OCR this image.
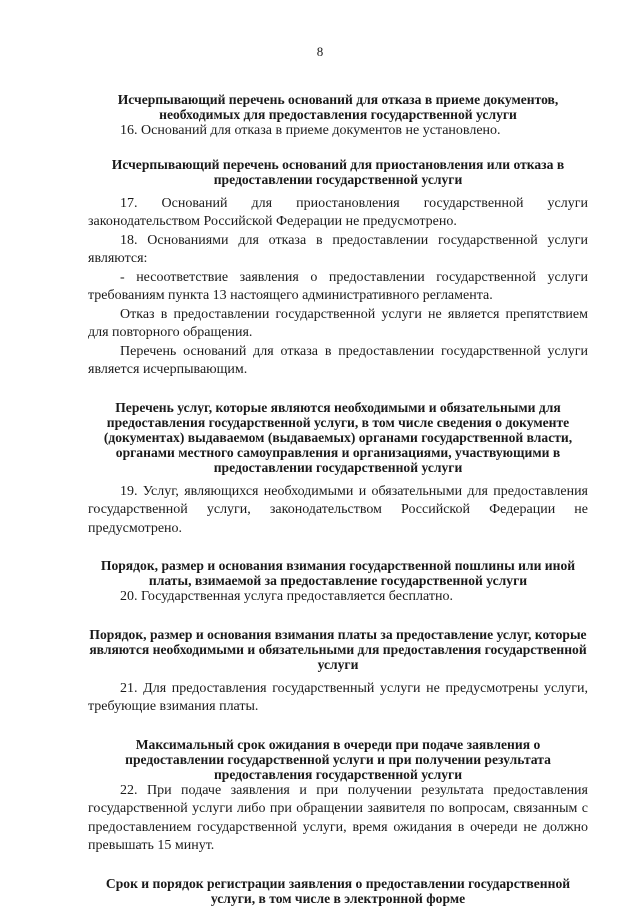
8
Исчерпывающий перечень оснований для отказа в приеме документов, необходимых для предоставления государственной услуги

16. Оснований для отказа в приеме документов не установлено.

Исчерпывающий перечень оснований для приостановления или отказа в предоставлении государственной услуги

17. Оснований для приостановления государственной услуги законодательством Российской Федерации не предусмотрено.

18. Основаниями для отказа в предоставлении государственной услуги являются:

- несоответствие заявления о предоставлении государственной услуги требованиям пункта 13 настоящего административного регламента.

Отказ в предоставлении государственной услуги не является препятствием для повторного обращения.

Перечень оснований для отказа в предоставлении государственной услуги является исчерпывающим.

Перечень услуг, которые являются необходимыми и обязательными для предоставления государственной услуги, в том числе сведения о документе (документах) выдаваемом (выдаваемых) органами государственной власти, органами местного самоуправления и организациями, участвующими в предоставлении государственной услуги

19. Услуг, являющихся необходимыми и обязательными для предоставления государственной услуги, законодательством Российской Федерации не предусмотрено.

Порядок, размер и основания взимания государственной пошлины или иной платы, взимаемой за предоставление государственной услуги

20. Государственная услуга предоставляется бесплатно.

Порядок, размер и основания взимания платы за предоставление услуг, которые являются необходимыми и обязательными для предоставления государственной услуги

21. Для предоставления государственный услуги не предусмотрены услуги, требующие взимания платы.

Максимальный срок ожидания в очереди при подаче заявления о предоставлении государственной услуги и при получении результата предоставления государственной услуги

22. При подаче заявления и при получении результата предоставления государственной услуги либо при обращении заявителя по вопросам, связанным с предоставлением государственной услуги, время ожидания в очереди не должно превышать 15 минут.

Срок и порядок регистрации заявления о предоставлении государственной услуги, в том числе в электронной форме
